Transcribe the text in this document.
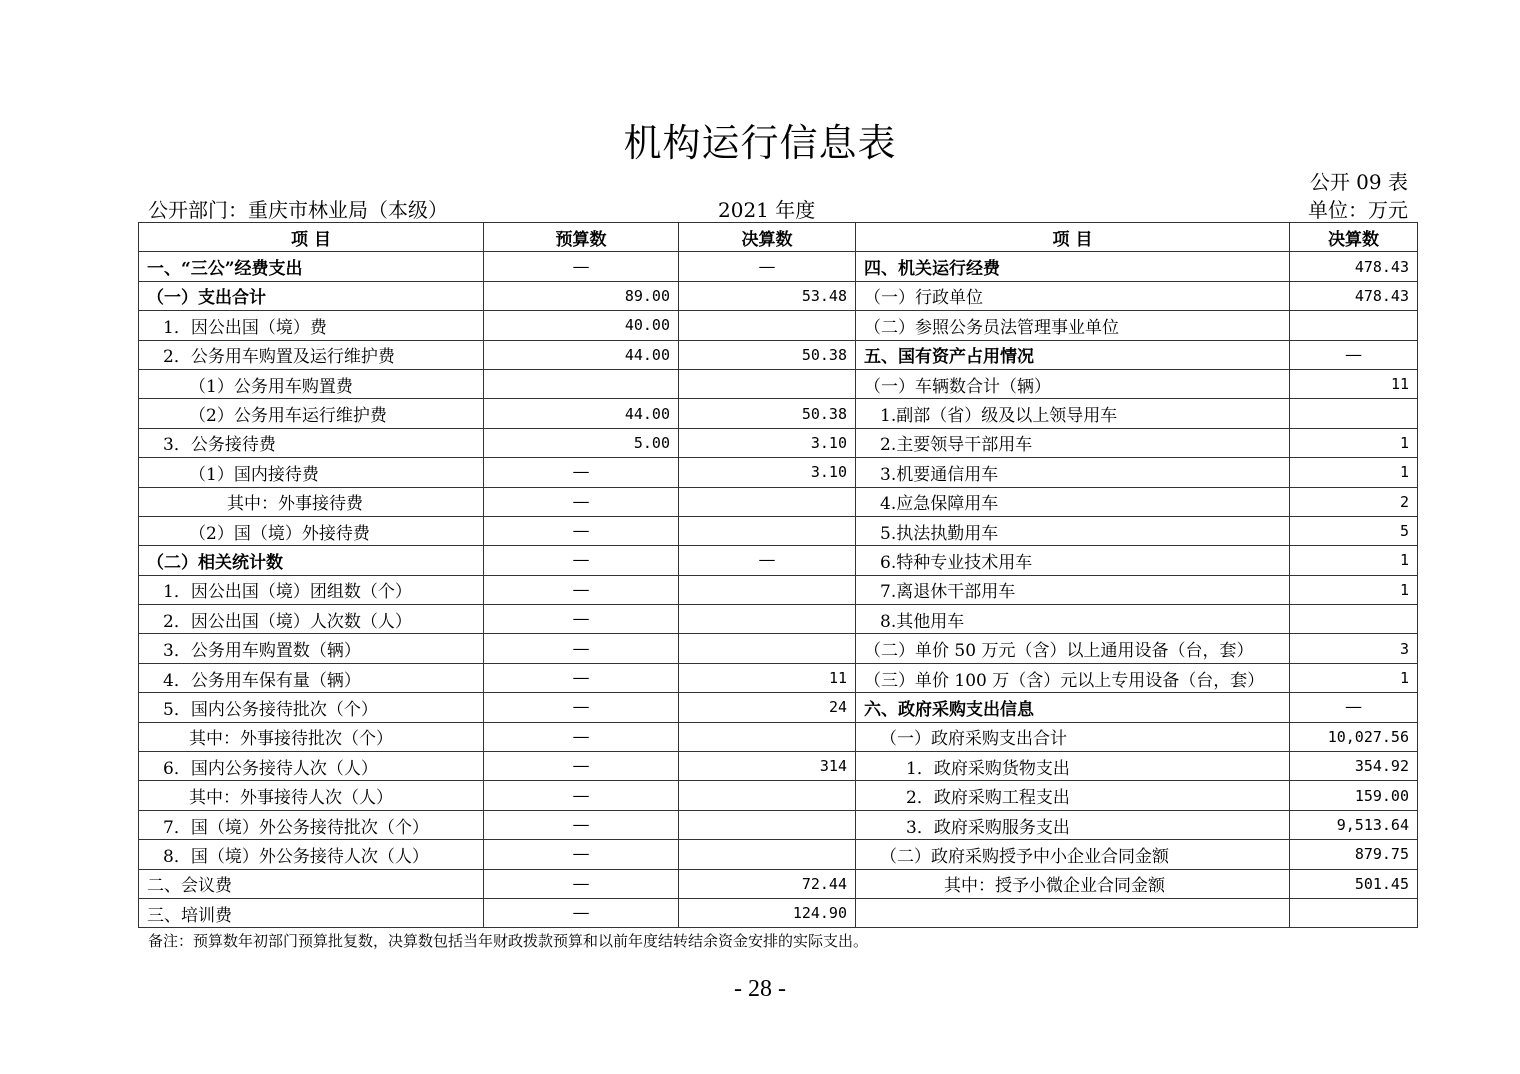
机构运行信息表
公开 09 表
公开部门：重庆市林业局（本级）	2021 年度	单位：万元
项 目	预算数	决算数	项 目	决算数
一、“三公”经费支出	—	—	四、机关运行经费	478.43
（一）支出合计	89.00	53.48	（一）行政单位	478.43
1．因公出国（境）费	40.00		（二）参照公务员法管理事业单位	
2．公务用车购置及运行维护费	44.00	50.38	五、国有资产占用情况	—
（1）公务用车购置费			（一）车辆数合计（辆）	11
（2）公务用车运行维护费	44.00	50.38	1.副部（省）级及以上领导用车	
3．公务接待费	5.00	3.10	2.主要领导干部用车	1
（1）国内接待费	—	3.10	3.机要通信用车	1
其中：外事接待费	—		4.应急保障用车	2
（2）国（境）外接待费	—		5.执法执勤用车	5
（二）相关统计数	—	—	6.特种专业技术用车	1
1．因公出国（境）团组数（个）	—		7.离退休干部用车	1
2．因公出国（境）人次数（人）	—		8.其他用车	
3．公务用车购置数（辆）	—		（二）单价 50 万元（含）以上通用设备（台，套）	3
4．公务用车保有量（辆）	—	11	（三）单价 100 万（含）元以上专用设备（台，套）	1
5．国内公务接待批次（个）	—	24	六、政府采购支出信息	—
其中：外事接待批次（个）	—		（一）政府采购支出合计	10,027.56
6．国内公务接待人次（人）	—	314	1．政府采购货物支出	354.92
其中：外事接待人次（人）	—		2．政府采购工程支出	159.00
7．国（境）外公务接待批次（个）	—		3．政府采购服务支出	9,513.64
8．国（境）外公务接待人次（人）	—		（二）政府采购授予中小企业合同金额	879.75
二、会议费	—	72.44	其中：授予小微企业合同金额	501.45
三、培训费	—	124.90		
备注：预算数年初部门预算批复数，决算数包括当年财政拨款预算和以前年度结转结余资金安排的实际支出。
- 28 -
